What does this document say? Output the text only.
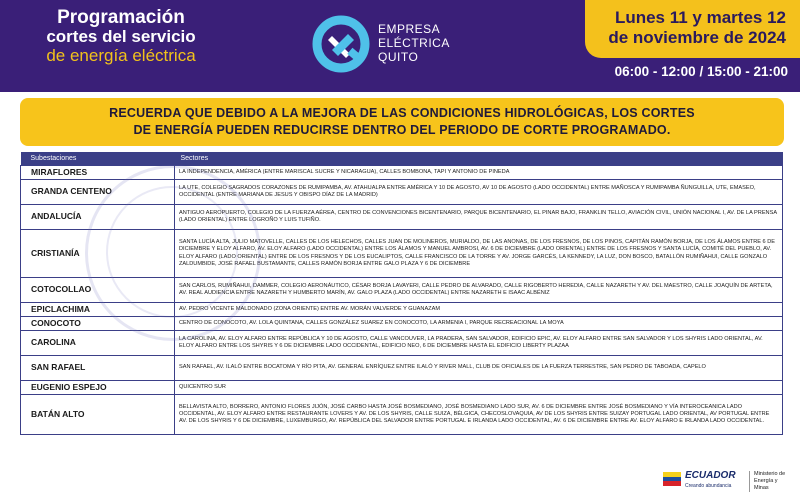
Programación
cortes del servicio
de energía eléctrica
EMPRESA
ELÉCTRICA
QUITO
Lunes 11 y martes 12
de noviembre de 2024
06:00 - 12:00 / 15:00 - 21:00
RECUERDA QUE DEBIDO A LA MEJORA DE LAS CONDICIONES HIDROLÓGICAS, LOS CORTES
DE ENERGÍA PUEDEN REDUCIRSE DENTRO DEL PERIODO DE CORTE PROGRAMADO.
Subestaciones	Sectores
MIRAFLORES	LA INDEPENDENCIA, AMÉRICA (ENTRE MARISCAL SUCRE Y NICARAGUA), CALLES BOMBONA, TAPI Y ANTONIO DE PINEDA
GRANDA CENTENO	LA UTE, COLEGIO SAGRADOS CORAZONES DE RUMIPAMBA, AV. ATAHUALPA ENTRE AMÉRICA Y 10 DE AGOSTO, AV 10 DE AGOSTO (LADO OCCIDENTAL) ENTRE MAÑOSCA Y RUMIPAMBA ÑUNGUILLA, UTE, EMASEO, OCCIDENTAL (ENTRE MARIANA DE JESUS Y OBISPO DÍAZ DE LA MADRID)
ANDALUCÍA	ANTIGUO AEROPUERTO, COLEGIO DE LA FUERZA AÉREA, CENTRO DE CONVENCIONES BICENTENARIO, PARQUE BICENTENARIO, EL PINAR BAJO, FRANKLIN TELLO, AVIACIÓN CIVIL, UNIÓN NACIONAL I, AV. DE LA PRENSA (LADO ORIENTAL) ENTRE LOGROÑO Y LUIS TUFIÑO.
CRISTIANÍA	SANTA LUCÍA ALTA, JULIO MATOVELLE, CALLES DE LOS HELECHOS, CALLES JUAN DE MOLINEROS, MURIALDO, DE LAS ANONAS, DE LOS FRESNOS, DE LOS PINOS, CAPITÁN RAMÓN BORJA, DE LOS ÁLAMOS ENTRE 6 DE DICIEMBRE Y ELOY ALFARO, AV. ELOY ALFARO (LADO OCCIDENTAL) ENTRE LOS ÁLAMOS Y MANUEL AMBROSI, AV. 6 DE DICIEMBRE (LADO ORIENTAL) ENTRE DE LOS FRESNOS Y SANTA LUCÍA, COMITÉ DEL PUEBLO, AV. ELOY ALFARO (LADO ORIENTAL) ENTRE DE LOS FRESNOS Y DE LOS EUCALIPTOS, CALLE FRANCISCO DE LA TORRE Y AV. JORGE GARCÉS, LA KENNEDY, LA LUZ, DON BOSCO, BATALLÓN RUMIÑAHUI, CALLE GONZALO ZALDUMBIDE, JOSÉ RAFAEL BUSTAMANTE, CALLES RAMÓN BORJA ENTRE GALO PLAZA Y 6 DE DICIEMBRE
COTOCOLLAO	SAN CARLOS, RUMIÑAHUI, DAMMER, COLEGIO AERONÁUTICO, CÉSAR BORJA LAVAYERI, CALLE PEDRO DE ALVARADO, CALLE RIGOBERTO HEREDIA, CALLE NAZARETH Y AV. DEL MAESTRO, CALLE JOAQUÍN DE ARTETA, AV. REAL AUDIENCIA ENTRE NAZARETH Y HUMBERTO MARÍN, AV. GALO PLAZA (LADO OCCIDENTAL) ENTRE NAZARETH E ISAAC ALBÉNIZ
EPICLACHIMA	AV. PEDRO VICENTE MALDONADO (ZONA ORIENTE) ENTRE AV. MORÁN VALVERDE Y GUANAZAM
CONOCOTO	CENTRO DE CONOCOTO, AV. LOLA QUINTANA, CALLES GONZÁLEZ SUAREZ EN CONOCOTO, LA ARMENIA I, PARQUE RECREACIONAL LA MOYA
CAROLINA	LA CAROLINA, AV. ELOY ALFARO ENTRE REPÚBLICA Y 10 DE AGOSTO, CALLE VANCOUVER, LA PRADERA, SAN SALVADOR, EDIFICIO EPIC, AV. ELOY ALFARO ENTRE SAN SALVADOR Y LOS SHYRIS LADO ORIENTAL, AV. ELOY ALFARO ENTRE LOS SHYRIS Y 6 DE DICIEMBRE LADO OCCIDENTAL, EDIFICIO NEO, 6 DE DICIEMBRE HASTA EL EDIFICIO LIBERTY PLAZAA
SAN RAFAEL	SAN RAFAEL, AV. ILALÓ ENTRE BOCATOMA Y RÍO PITA, AV. GENERAL ENRÍQUEZ ENTRE ILALÓ Y RIVER MALL, CLUB DE OFICIALES DE LA FUERZA TERRESTRE, SAN PEDRO DE TABOADA, CAPELO
EUGENIO ESPEJO	QUICENTRO SUR
BATÁN ALTO	BELLAVISTA ALTO, BORRERO, ANTONIO FLORES JIJÓN, JOSÉ CARBO HASTA JOSÉ BOSMEDIANO, JOSÉ BOSMEDIANO LADO SUR, AV. 6 DE DICIEMBRE ENTRE JOSÉ BOSMEDIANO Y VÍA INTEROCEANICA LADO OCCIDENTAL, AV. ELOY ALFARO ENTRE RESTAURANTE LOVERS Y AV. DE LOS SHYRIS, CALLE SUIZA, BÉLGICA, CHECOSLOVAQUIA, AV DE LOS SHYRIS ENTRE SUIZAY PORTUGAL LADO ORIENTAL, AV PORTUGAL ENTRE AV. DE LOS SHYRIS Y 6 DE DICIEMBRE, LUXEMBURGO, AV. REPÚBLICA DEL SALVADOR ENTRE PORTUGAL E IRLANDA LADO OCCIDENTAL, AV. 6 DE DICIEMBRE ENTRE AV. ELOY ALFARO E IRLANDA LADO OCCIDENTAL.
ECUADOR
Creando abundancia
Ministerio de
Energía y Minas
